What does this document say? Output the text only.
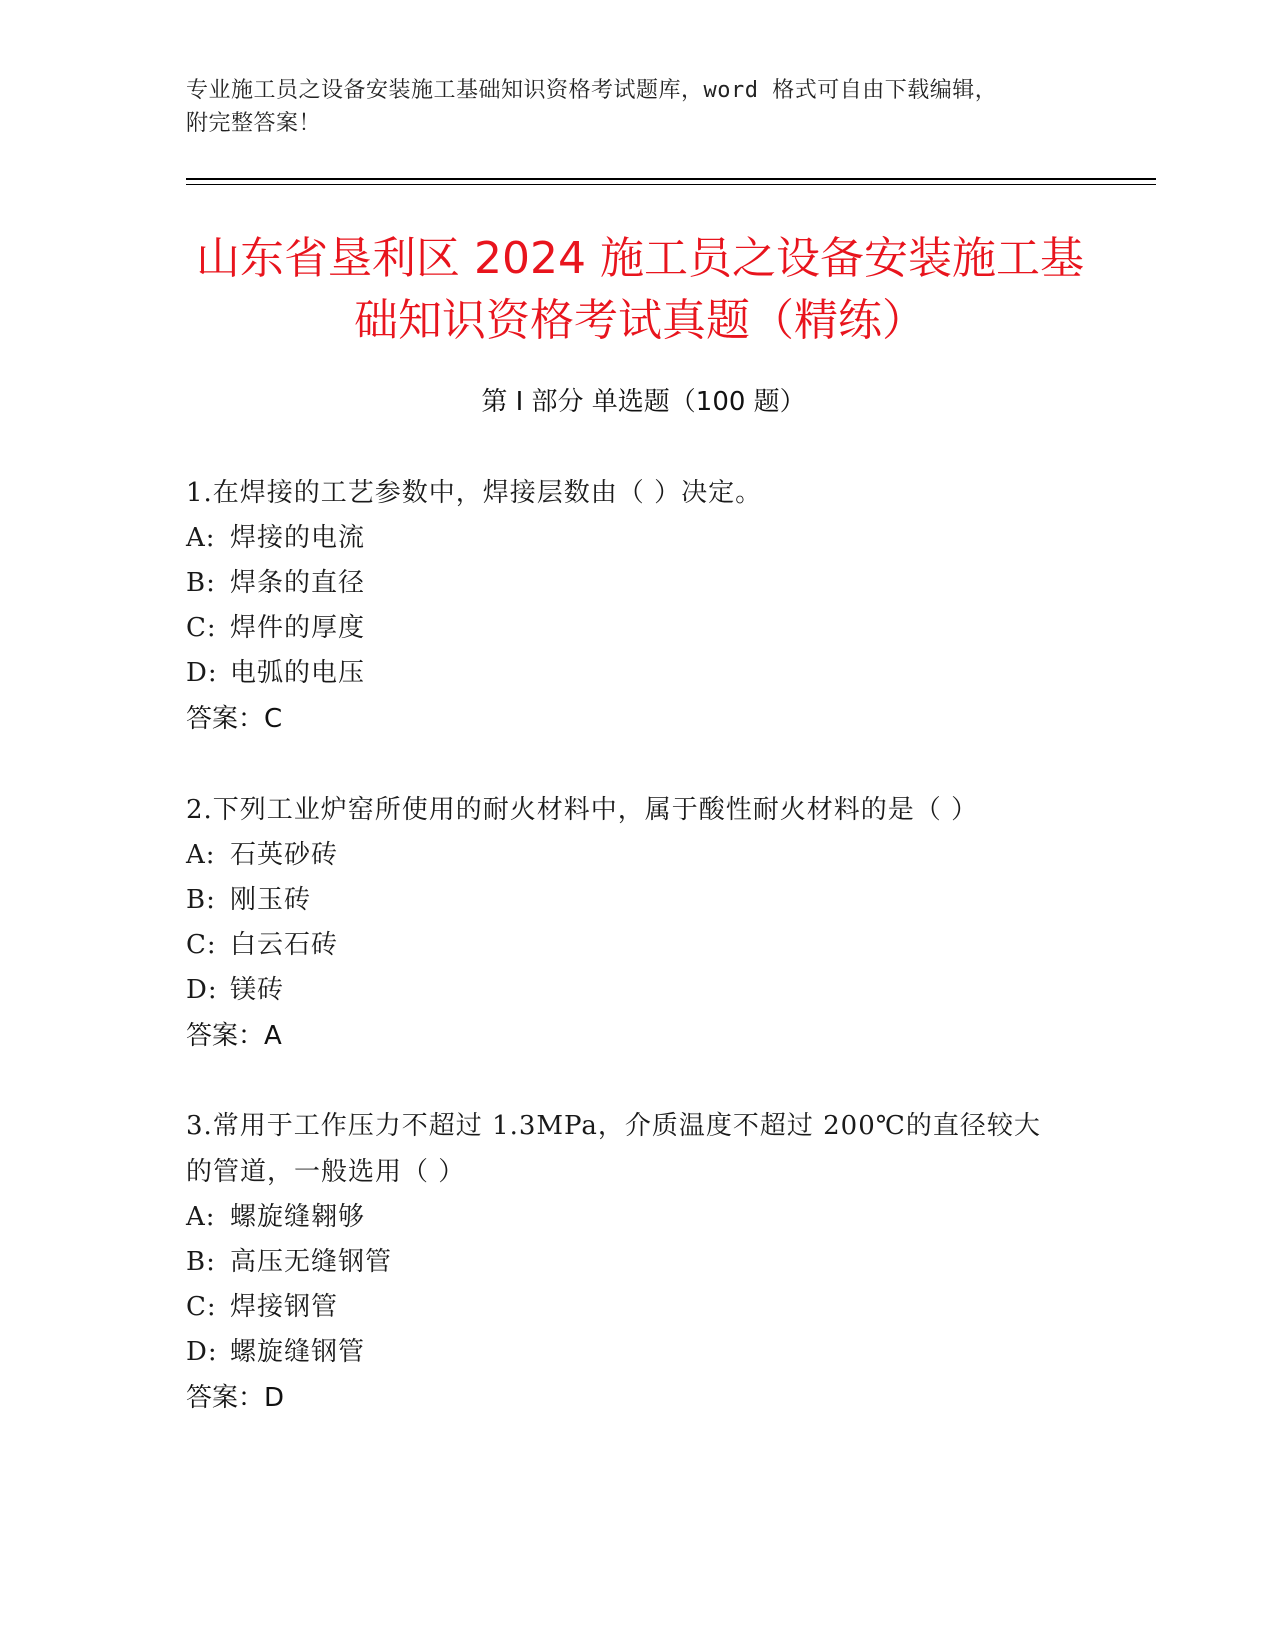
专业施工员之设备安装施工基础知识资格考试题库，word 格式可自由下载编辑，
附完整答案！
山东省垦利区 2024 施工员之设备安装施工基
础知识资格考试真题（精练）
第 I 部分 单选题（100 题）

1.在焊接的工艺参数中，焊接层数由（ ）决定。

A: 焊接的电流
B: 焊条的直径
C: 焊件的厚度
D: 电弧的电压
答案：C

2.下列工业炉窑所使用的耐火材料中，属于酸性耐火材料的是（ ）

A: 石英砂砖
B: 刚玉砖
C: 白云石砖
D: 镁砖
答案：A

3.常用于工作压力不超过 1.3MPa，介质温度不超过 200℃的直径较大的管道，一般选用（ ）

A: 螺旋缝翱够
B: 高压无缝钢管
C: 焊接钢管
D: 螺旋缝钢管
答案：D
